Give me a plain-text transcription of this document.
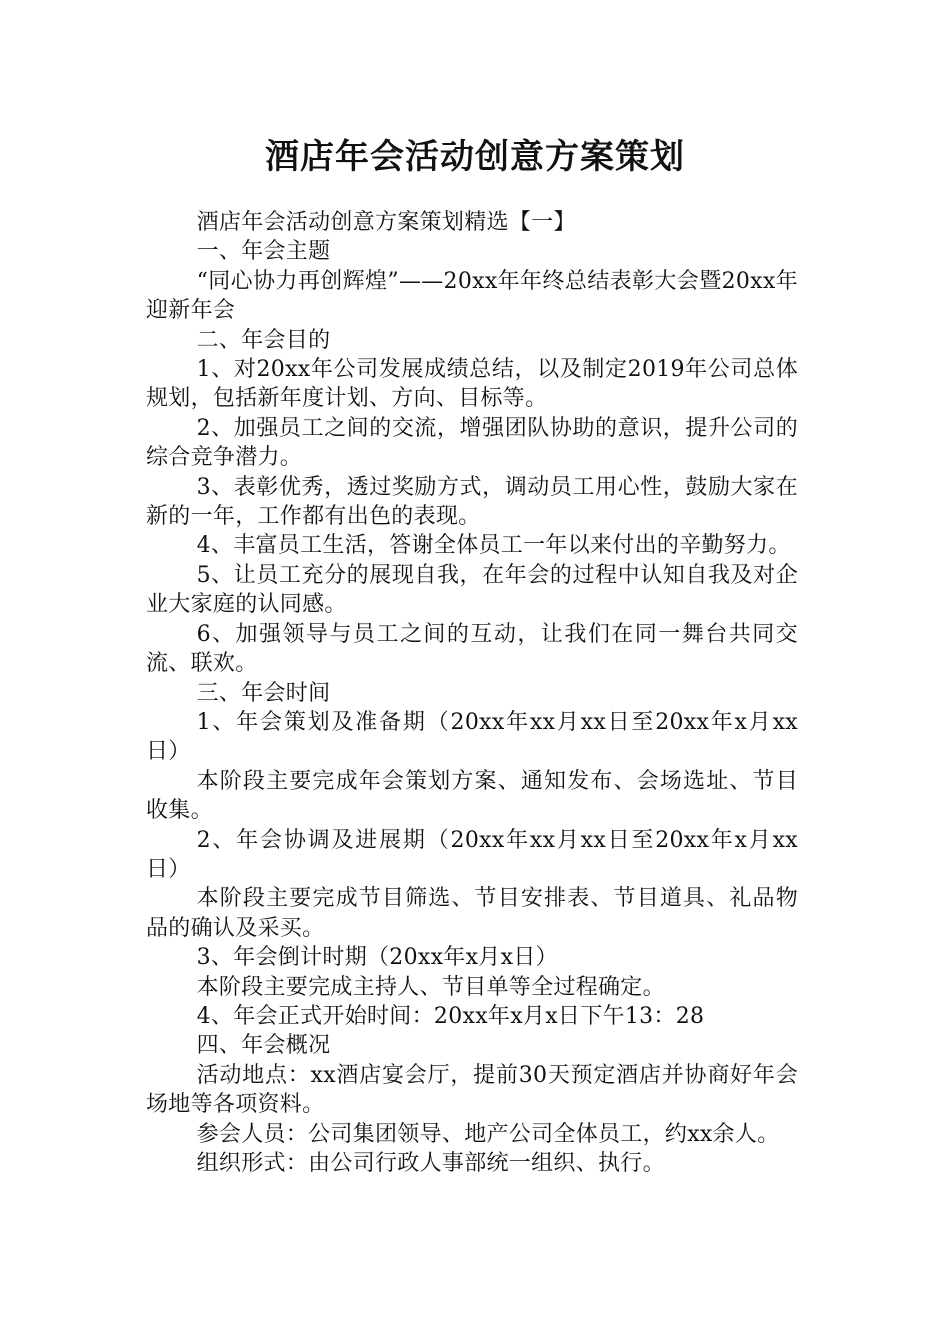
酒店年会活动创意方案策划

酒店年会活动创意方案策划精选【一】

一、年会主题

“同心协力再创辉煌”——20xx年年终总结表彰大会暨20xx年迎新年会

二、年会目的

1、对20xx年公司发展成绩总结，以及制定2019年公司总体规划，包括新年度计划、方向、目标等。

2、加强员工之间的交流，增强团队协助的意识，提升公司的综合竞争潜力。

3、表彰优秀，透过奖励方式，调动员工用心性，鼓励大家在新的一年，工作都有出色的表现。

4、丰富员工生活，答谢全体员工一年以来付出的辛勤努力。

5、让员工充分的展现自我，在年会的过程中认知自我及对企业大家庭的认同感。

6、加强领导与员工之间的互动，让我们在同一舞台共同交流、联欢。

三、年会时间

1、年会策划及准备期（20xx年xx月xx日至20xx年x月xx日）

本阶段主要完成年会策划方案、通知发布、会场选址、节目收集。

2、年会协调及进展期（20xx年xx月xx日至20xx年x月xx日）

本阶段主要完成节目筛选、节目安排表、节目道具、礼品物品的确认及采买。

3、年会倒计时期（20xx年x月x日）

本阶段主要完成主持人、节目单等全过程确定。

4、年会正式开始时间：20xx年x月x日下午13：28

四、年会概况

活动地点：xx酒店宴会厅，提前30天预定酒店并协商好年会场地等各项资料。

参会人员：公司集团领导、地产公司全体员工，约xx余人。

组织形式：由公司行政人事部统一组织、执行。
